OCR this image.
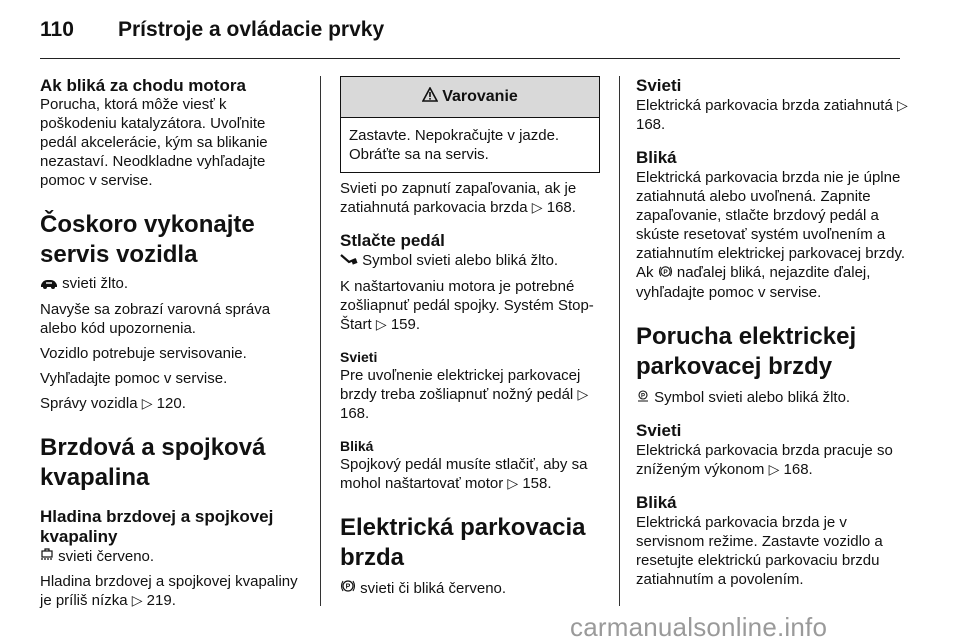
110 Prístroje a ovládacie prvky

Ak bliká za chodu motora

Porucha, ktorá môže viesť k poškodeniu katalyzátora. Uvoľnite pedál akcelerácie, kým sa blikanie nezastaví. Neodkladne vyhľadajte pomoc v servise.

Čoskoro vykonajte servis vozidla

svieti žlto.

Navyše sa zobrazí varovná správa alebo kód upozornenia.

Vozidlo potrebuje servisovanie.

Vyhľadajte pomoc v servise.

Správy vozidla ▷ 120.

Brzdová a spojková kvapalina

Hladina brzdovej a spojkovej kvapaliny

svieti červeno.

Hladina brzdovej a spojkovej kvapaliny je príliš nízka ▷ 219.

Varovanie
Zastavte. Nepokračujte v jazde. Obráťte sa na servis.

Svieti po zapnutí zapaľovania, ak je zatiahnutá parkovacia brzda ▷ 168.

Stlačte pedál

Symbol svieti alebo bliká žlto.

K naštartovaniu motora je potrebné zošliapnuť pedál spojky. Systém Stop-Štart ▷ 159.

Svieti

Pre uvoľnenie elektrickej parkovacej brzdy treba zošliapnuť nožný pedál ▷ 168.

Bliká

Spojkový pedál musíte stlačiť, aby sa mohol naštartovať motor ▷ 158.

Elektrická parkovacia brzda

P svieti či bliká červeno.

Svieti

Elektrická parkovacia brzda zatiahnutá ▷ 168.

Bliká

Elektrická parkovacia brzda nie je úplne zatiahnutá alebo uvoľnená. Zapnite zapaľovanie, stlačte brzdový pedál a skúste resetovať systém uvoľnením a zatiahnutím elektrickej parkovacej brzdy. Ak P naďalej bliká, nejazdite ďalej, vyhľadajte pomoc v servise.

Porucha elektrickej parkovacej brzdy

P Symbol svieti alebo bliká žlto.

Svieti

Elektrická parkovacia brzda pracuje so zníženým výkonom ▷ 168.

Bliká

Elektrická parkovacia brzda je v servisnom režime. Zastavte vozidlo a resetujte elektrickú parkovaciu brzdu zatiahnutím a povolením.

carmanualsonline.info
